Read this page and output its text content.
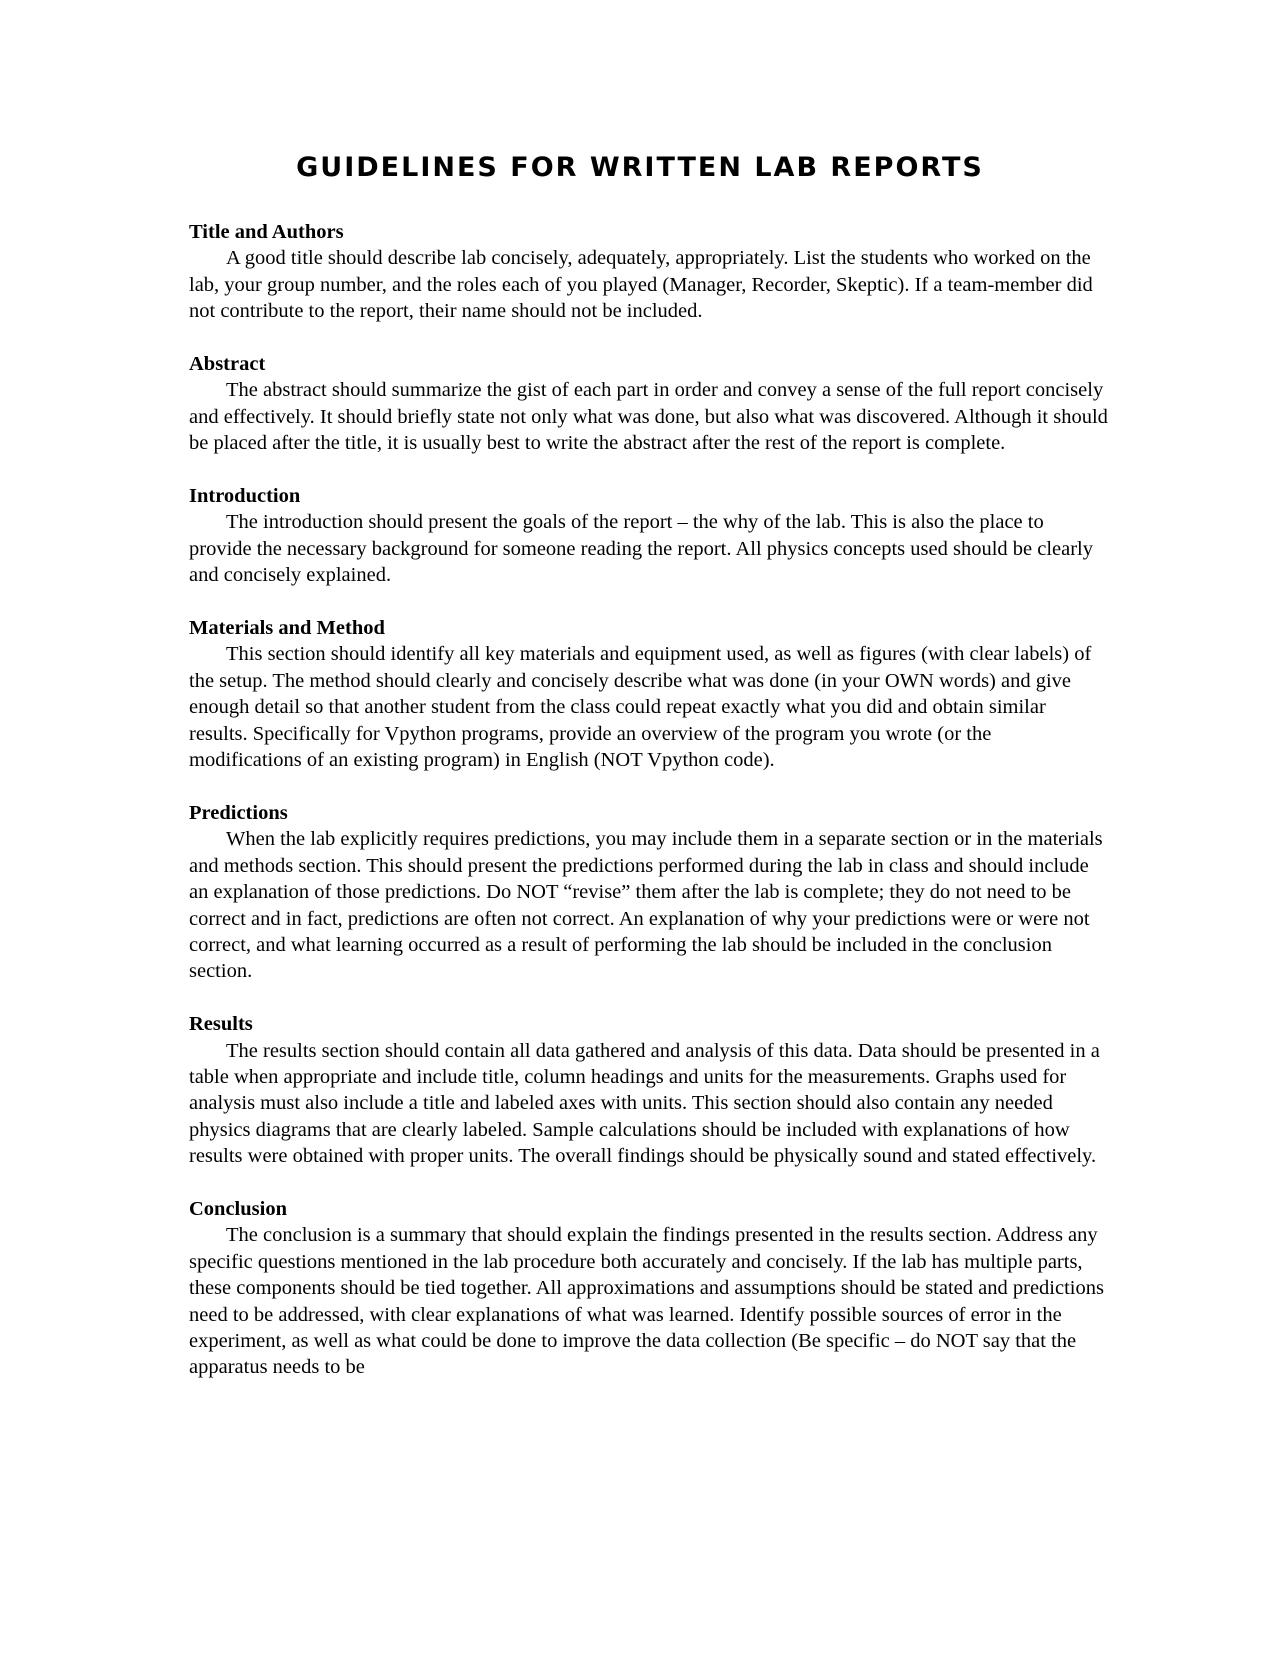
GUIDELINES FOR WRITTEN LAB REPORTS

Title and Authors

A good title should describe lab concisely, adequately, appropriately. List the students who worked on the lab, your group number, and the roles each of you played (Manager, Recorder, Skeptic). If a team-member did not contribute to the report, their name should not be included.

Abstract

The abstract should summarize the gist of each part in order and convey a sense of the full report concisely and effectively. It should briefly state not only what was done, but also what was discovered. Although it should be placed after the title, it is usually best to write the abstract after the rest of the report is complete.

Introduction

The introduction should present the goals of the report – the why of the lab. This is also the place to provide the necessary background for someone reading the report. All physics concepts used should be clearly and concisely explained.

Materials and Method

This section should identify all key materials and equipment used, as well as figures (with clear labels) of the setup. The method should clearly and concisely describe what was done (in your OWN words) and give enough detail so that another student from the class could repeat exactly what you did and obtain similar results. Specifically for Vpython programs, provide an overview of the program you wrote (or the modifications of an existing program) in English (NOT Vpython code).

Predictions

When the lab explicitly requires predictions, you may include them in a separate section or in the materials and methods section. This should present the predictions performed during the lab in class and should include an explanation of those predictions. Do NOT “revise” them after the lab is complete; they do not need to be correct and in fact, predictions are often not correct. An explanation of why your predictions were or were not correct, and what learning occurred as a result of performing the lab should be included in the conclusion section.

Results

The results section should contain all data gathered and analysis of this data. Data should be presented in a table when appropriate and include title, column headings and units for the measurements. Graphs used for analysis must also include a title and labeled axes with units. This section should also contain any needed physics diagrams that are clearly labeled. Sample calculations should be included with explanations of how results were obtained with proper units. The overall findings should be physically sound and stated effectively.

Conclusion

The conclusion is a summary that should explain the findings presented in the results section. Address any specific questions mentioned in the lab procedure both accurately and concisely. If the lab has multiple parts, these components should be tied together. All approximations and assumptions should be stated and predictions need to be addressed, with clear explanations of what was learned. Identify possible sources of error in the experiment, as well as what could be done to improve the data collection (Be specific – do NOT say that the apparatus needs to be
